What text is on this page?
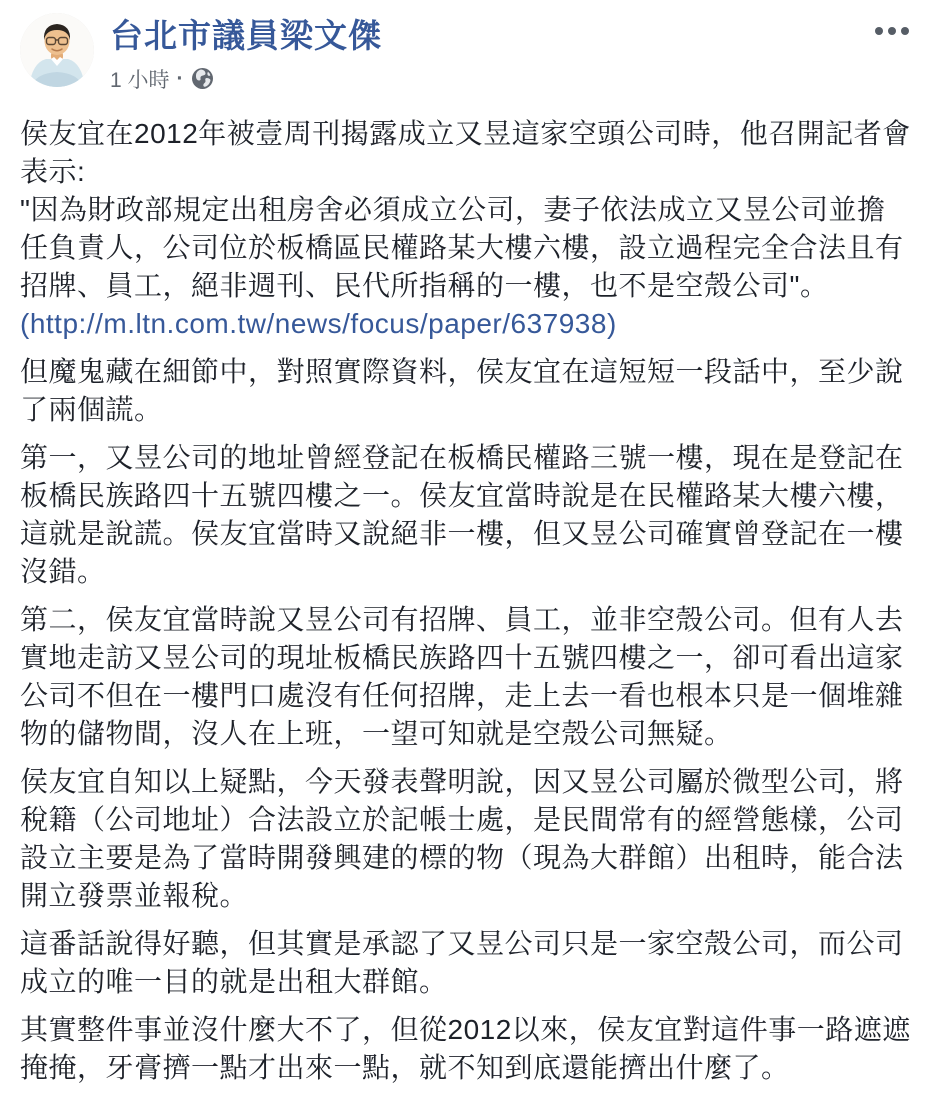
台北市議員梁文傑
1 小時 ·
侯友宜在2012年被壹周刊揭露成立又昱這家空頭公司時，他召開記者會表示:
"因為財政部規定出租房舍必須成立公司，妻子依法成立又昱公司並擔任負責人，公司位於板橋區民權路某大樓六樓，設立過程完全合法且有招牌、員工，絕非週刊、民代所指稱的一樓，也不是空殼公司"。
(http://m.ltn.com.tw/news/focus/paper/637938)
但魔鬼藏在細節中，對照實際資料，侯友宜在這短短一段話中，至少說了兩個謊。
第一，又昱公司的地址曾經登記在板橋民權路三號一樓，現在是登記在板橋民族路四十五號四樓之一。侯友宜當時說是在民權路某大樓六樓，這就是說謊。侯友宜當時又說絕非一樓，但又昱公司確實曾登記在一樓沒錯。
第二，侯友宜當時說又昱公司有招牌、員工，並非空殼公司。但有人去實地走訪又昱公司的現址板橋民族路四十五號四樓之一，卻可看出這家公司不但在一樓門口處沒有任何招牌，走上去一看也根本只是一個堆雜物的儲物間，沒人在上班，一望可知就是空殼公司無疑。
侯友宜自知以上疑點，今天發表聲明說，因又昱公司屬於微型公司，將稅籍（公司地址）合法設立於記帳士處，是民間常有的經營態樣，公司設立主要是為了當時開發興建的標的物（現為大群館）出租時，能合法開立發票並報稅。
這番話說得好聽，但其實是承認了又昱公司只是一家空殼公司，而公司成立的唯一目的就是出租大群館。
其實整件事並沒什麼大不了，但從2012以來，侯友宜對這件事一路遮遮掩掩，牙膏擠一點才出來一點，就不知到底還能擠出什麼了。
